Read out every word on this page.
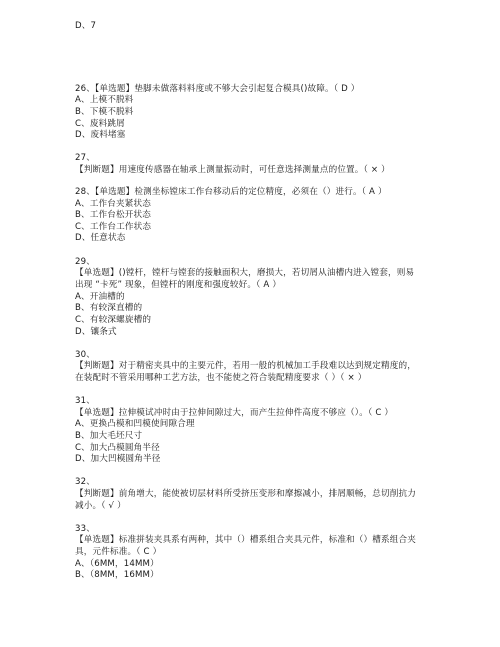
D、7
26、【单选题】垫脚未做落料料度或不够大会引起复合模具()故障。（ D ）
A、上模不脱料
B、下模不脱料
C、废料跳屑
D、废料堵塞
27、
【判断题】用速度传感器在轴承上测量振动时，可任意选择测量点的位置。（ × ）
28、【单选题】检测坐标镗床工作台移动后的定位精度，必须在（）进行。（ A ）
A、工作台夹紧状态
B、工作台松开状态
C、工作台工作状态
D、任意状态
29、
【单选题】()镗杆，镗杆与镗套的接触面积大，磨损大，若切屑从油槽内进入镗套，则易
出现 “卡死” 现象，但镗杆的刚度和强度较好。（ A ）
A、开油槽的
B、有较深直槽的
C、有较深螺旋槽的
D、镶条式
30、
【判断题】对于精密夹具中的主要元件，若用一般的机械加工手段难以达到规定精度的，
在装配时不管采用哪种工艺方法，也不能使之符合装配精度要求（ ）（ × ）
31、
【单选题】拉伸模试冲时由于拉伸间隙过大，而产生拉伸件高度不够应（）。（ C ）
A、更换凸模和凹模使间隙合理
B、加大毛坯尺寸
C、加大凸模圆角半径
D、加大凹模圆角半径
32、
【判断题】前角增大，能使被切层材料所受挤压变形和摩擦减小，排屑顺畅，总切削抗力
减小。（ √ ）
33、
【单选题】标准拼装夹具系有两种，其中（）槽系组合夹具元件，标准和（）槽系组合夹
具，元件标准。（ C ）
A、（6MM，14MM）
B、（8MM，16MM）
